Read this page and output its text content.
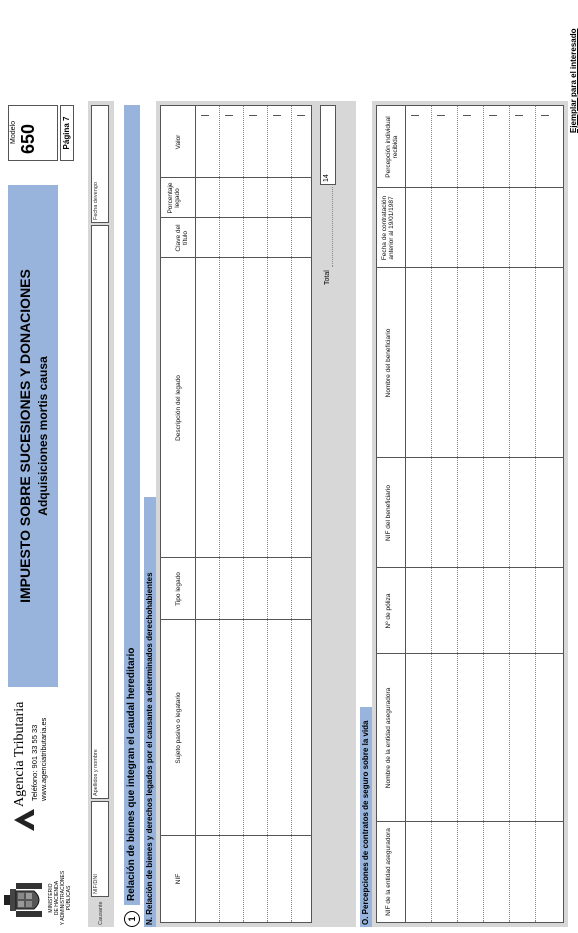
MINISTERIO DE HACIENDA Y ADMINISTRACIONES PÚBLICAS
Agencia Tributaria Teléfono: 901 33 55 33 www.agenciatributaria.es
IMPUESTO SOBRE SUCESIONES Y DONACIONES Adquisiciones mortis causa
Modelo 650	Página 7
Causante
NIF/DNI
Apellidos y nombre
Fecha devengo
1
Relación de bienes que integran el caudal hereditario N. Relación de bienes y derechos legados por el causante a determinados derechohabientes	NIF
Sujeto pasivo o legatario
Tipo legado
Descripción del legado
Clave del título
Porcentaje legado
Valor
Total
14
O. Percepciones de contratos de seguro sobre la vida NIF de la entidad aseguradora
Nombre de la entidad aseguradora
Nº de póliza
NIF del beneficiario
Nombre del beneficiario
Fecha de contratación anterior al 19/01/1987
Percepción individual recibida
Ejemplar para el interesado
